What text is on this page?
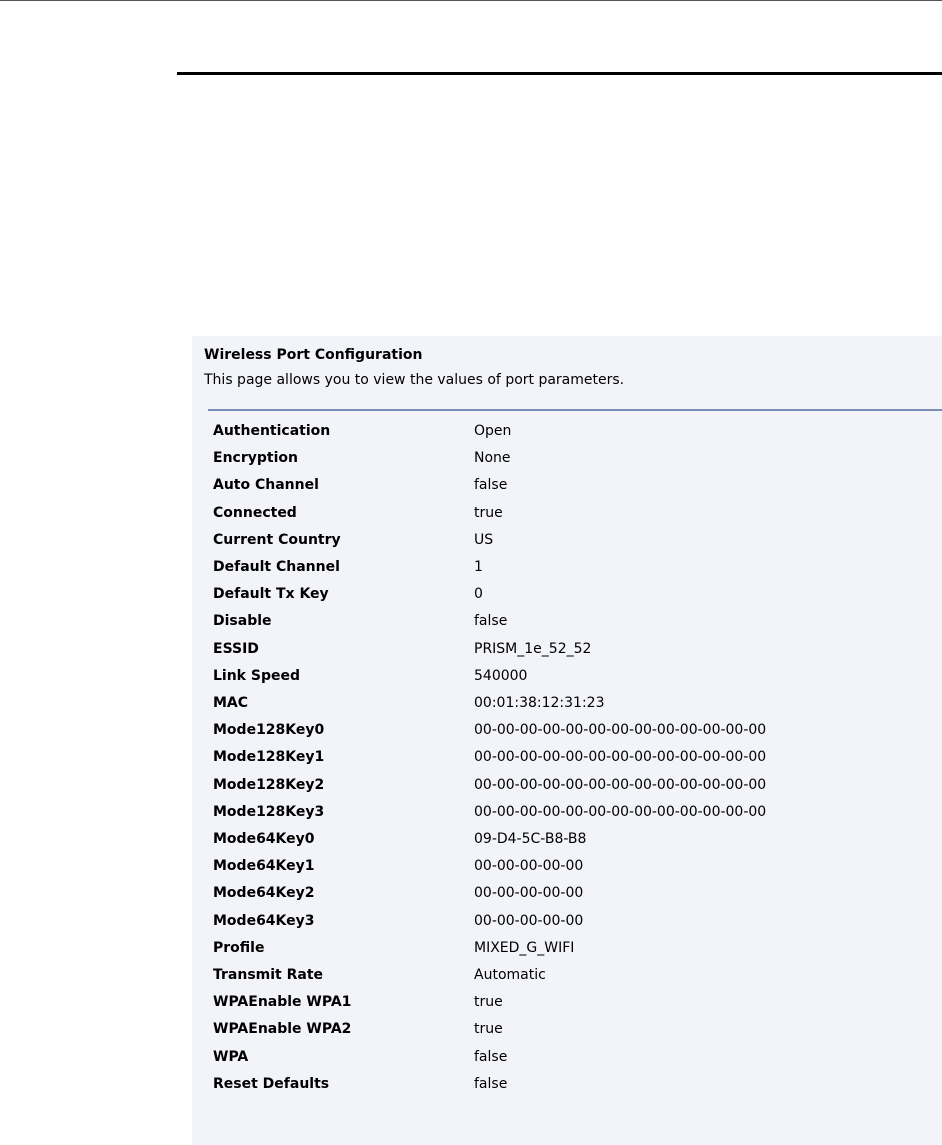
Wireless Port Configuration
This page allows you to view the values of port parameters.
Authentication	Open
Encryption	None
Auto Channel	false
Connected	true
Current Country	US
Default Channel	1
Default Tx Key	0
Disable	false
ESSID	PRISM_1e_52_52
Link Speed	540000
MAC	00:01:38:12:31:23
Mode128Key0	00-00-00-00-00-00-00-00-00-00-00-00-00
Mode128Key1	00-00-00-00-00-00-00-00-00-00-00-00-00
Mode128Key2	00-00-00-00-00-00-00-00-00-00-00-00-00
Mode128Key3	00-00-00-00-00-00-00-00-00-00-00-00-00
Mode64Key0	09-D4-5C-B8-B8
Mode64Key1	00-00-00-00-00
Mode64Key2	00-00-00-00-00
Mode64Key3	00-00-00-00-00
Profile	MIXED_G_WIFI
Transmit Rate	Automatic
WPAEnable WPA1	true
WPAEnable WPA2	true
WPA	false
Reset Defaults	false
